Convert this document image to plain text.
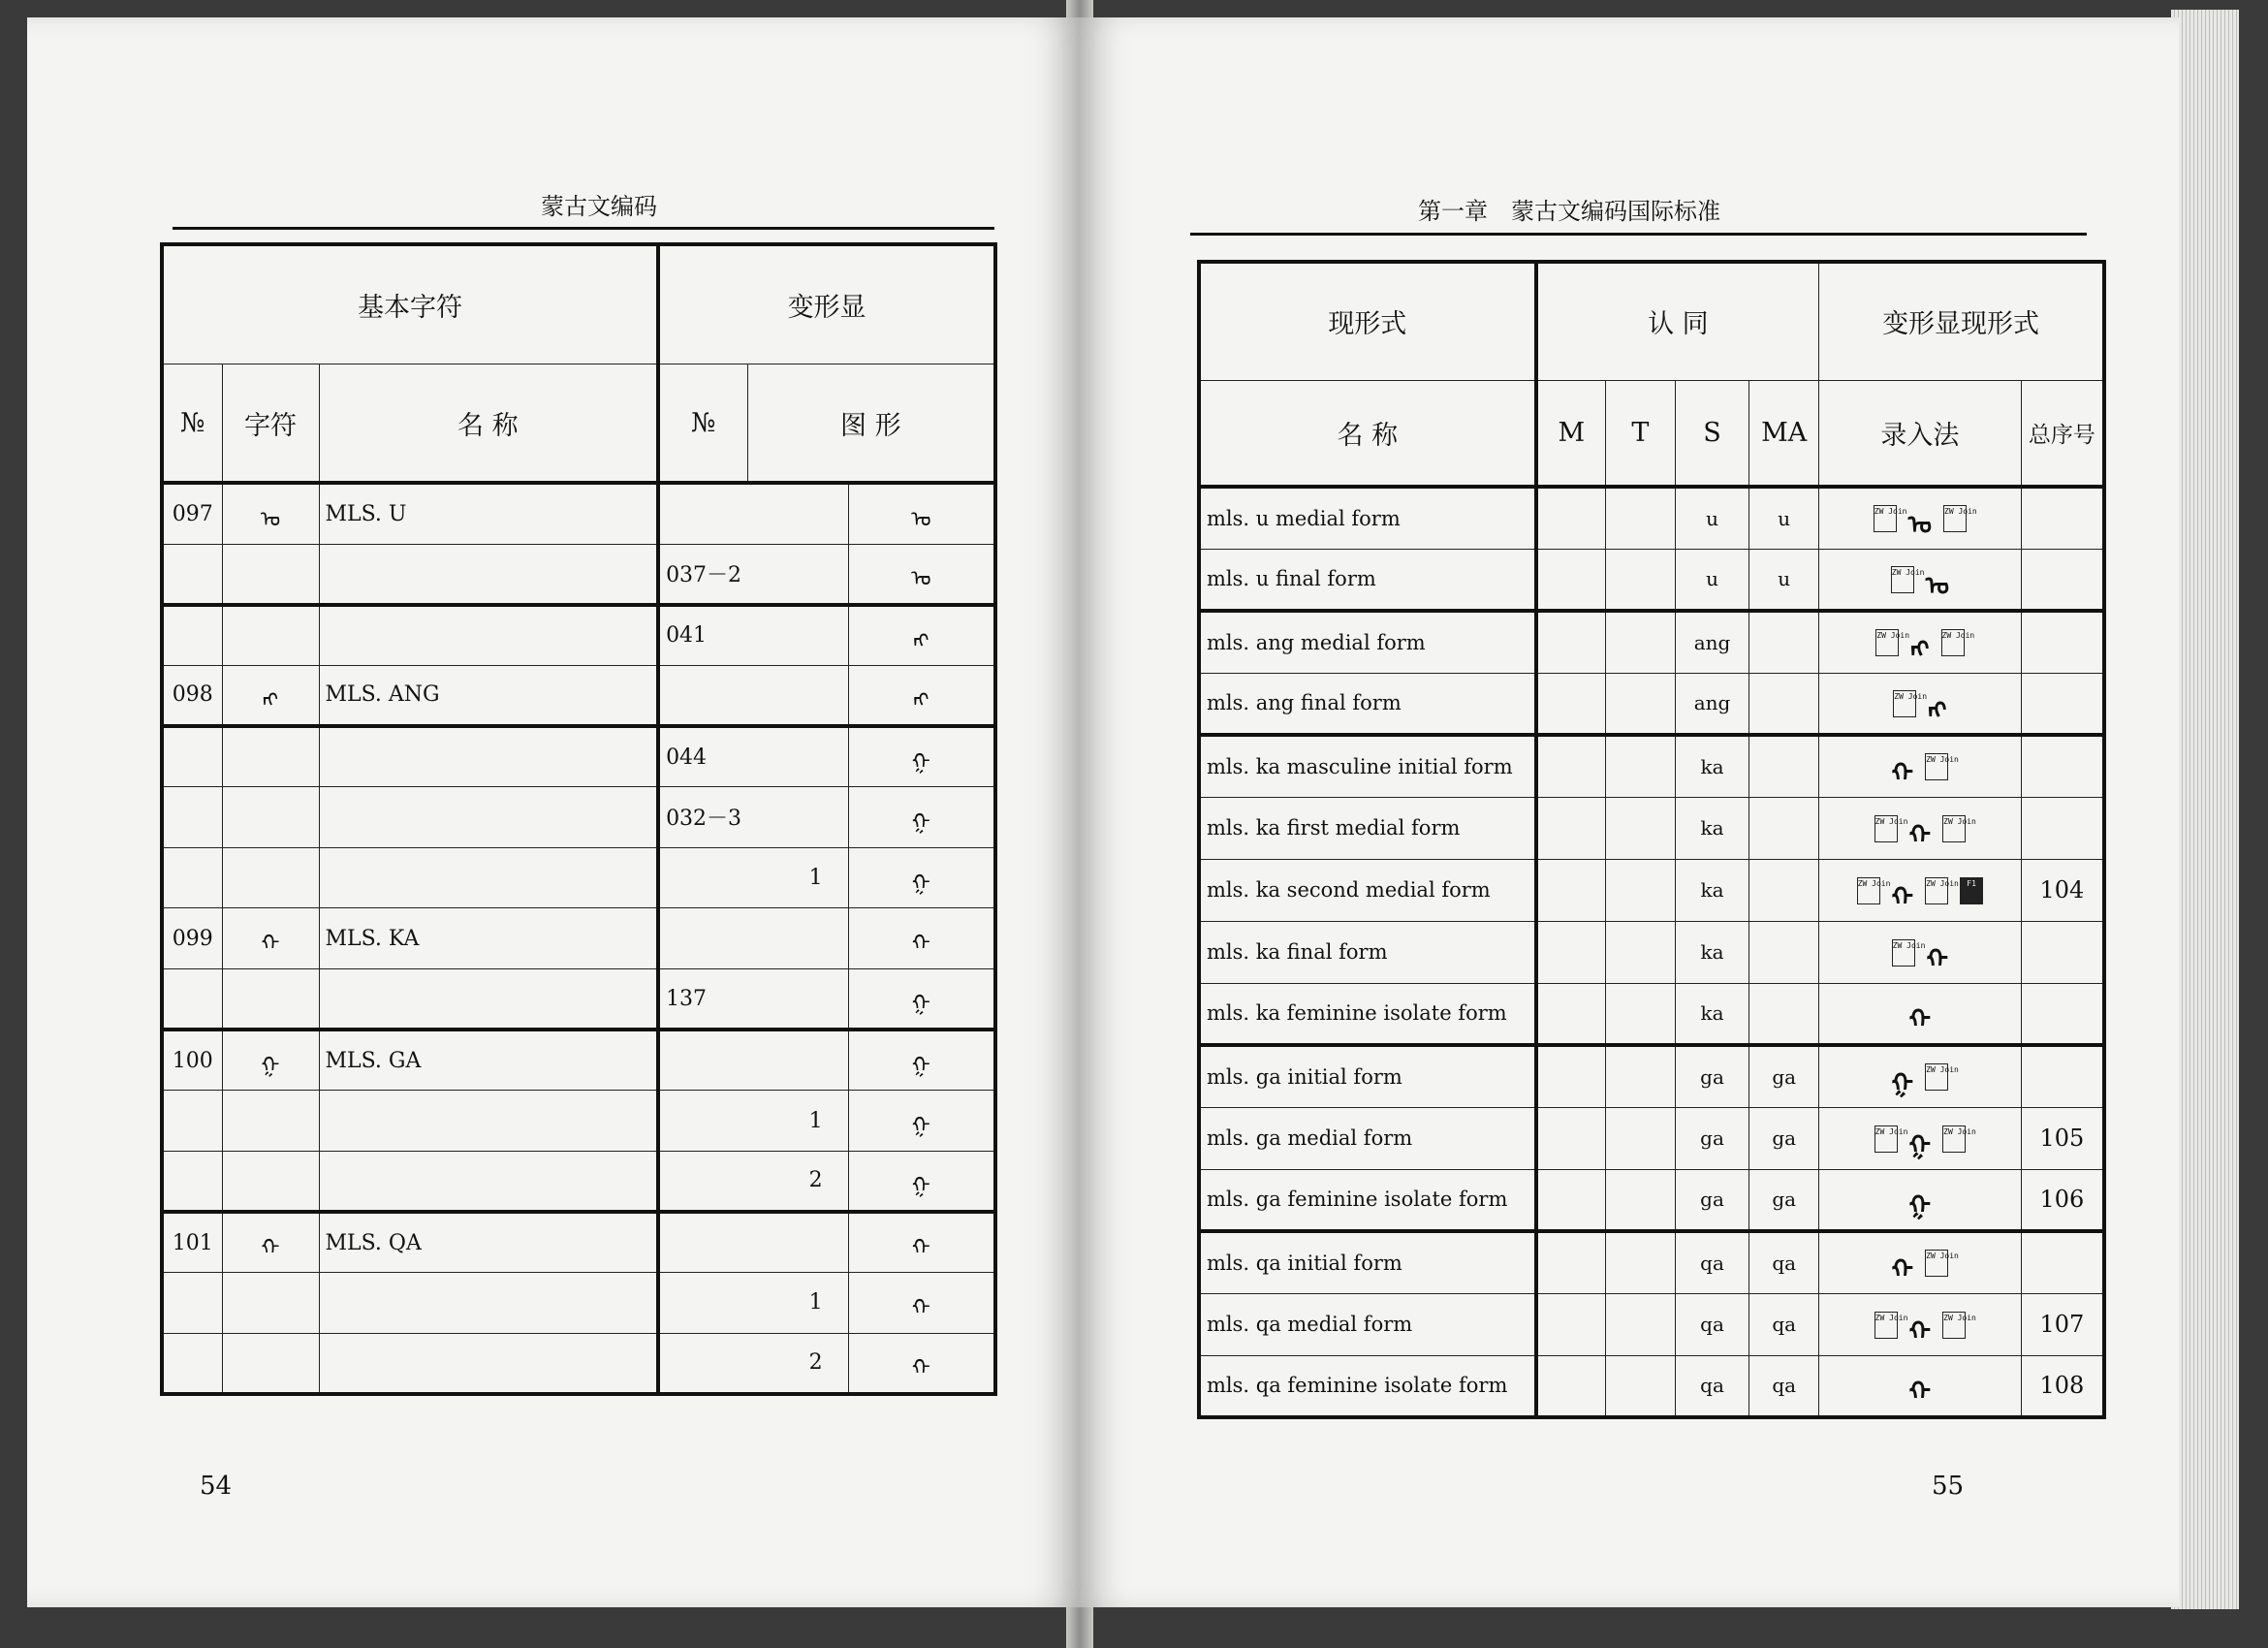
蒙古文编码
基本字符			变形显		
№	字符	名 称	№	图 形	
097	ᠤ	MLS. U			ᠤ
			037－2		ᠤ
			041		ᠩ
098	ᠩ	MLS. ANG			ᠩ
			044		ᠭ
			032－3		ᠭ
			1		ᠭ
099	ᠬ	MLS. KA			ᠬ
			137		ᠭ
100	ᠭ	MLS. GA			ᠭ
			1		ᠭ
			2		ᠭ
101	ᠬ	MLS. QA			ᠬ
			1		ᠬ
			2		ᠬ
54
第一章　蒙古文编码国际标准
现形式	认 同				变形显现形式	
名 称	M	T	S	MA	录入法	总序号
mls. u medial form			u	u	ZW Join ᠤ ZW Join	

mls. u final form			u	u	ZW Join ᠤ	

mls. ang medial form			ang		ZW Join ᠩ ZW Join	

mls. ang final form			ang		ZW Join ᠩ	

mls. ka masculine initial form			ka		ᠬ ZW Join	

mls. ka first medial form			ka		ZW Join ᠬ ZW Join	

mls. ka second medial form			ka		ZW Join ᠬ ZW Join F1	104
mls. ka final form			ka		ZW Join ᠬ	

mls. ka feminine isolate form			ka		ᠬ	

mls. ga initial form			ga	ga	ᠭ ZW Join	

mls. ga medial form			ga	ga	ZW Join ᠭ ZW Join	105
mls. ga feminine isolate form			ga	ga	ᠭ	106
mls. qa initial form			qa	qa	ᠬ ZW Join	

mls. qa medial form			qa	qa	ZW Join ᠬ ZW Join	107
mls. qa feminine isolate form			qa	qa	ᠬ	108
55
